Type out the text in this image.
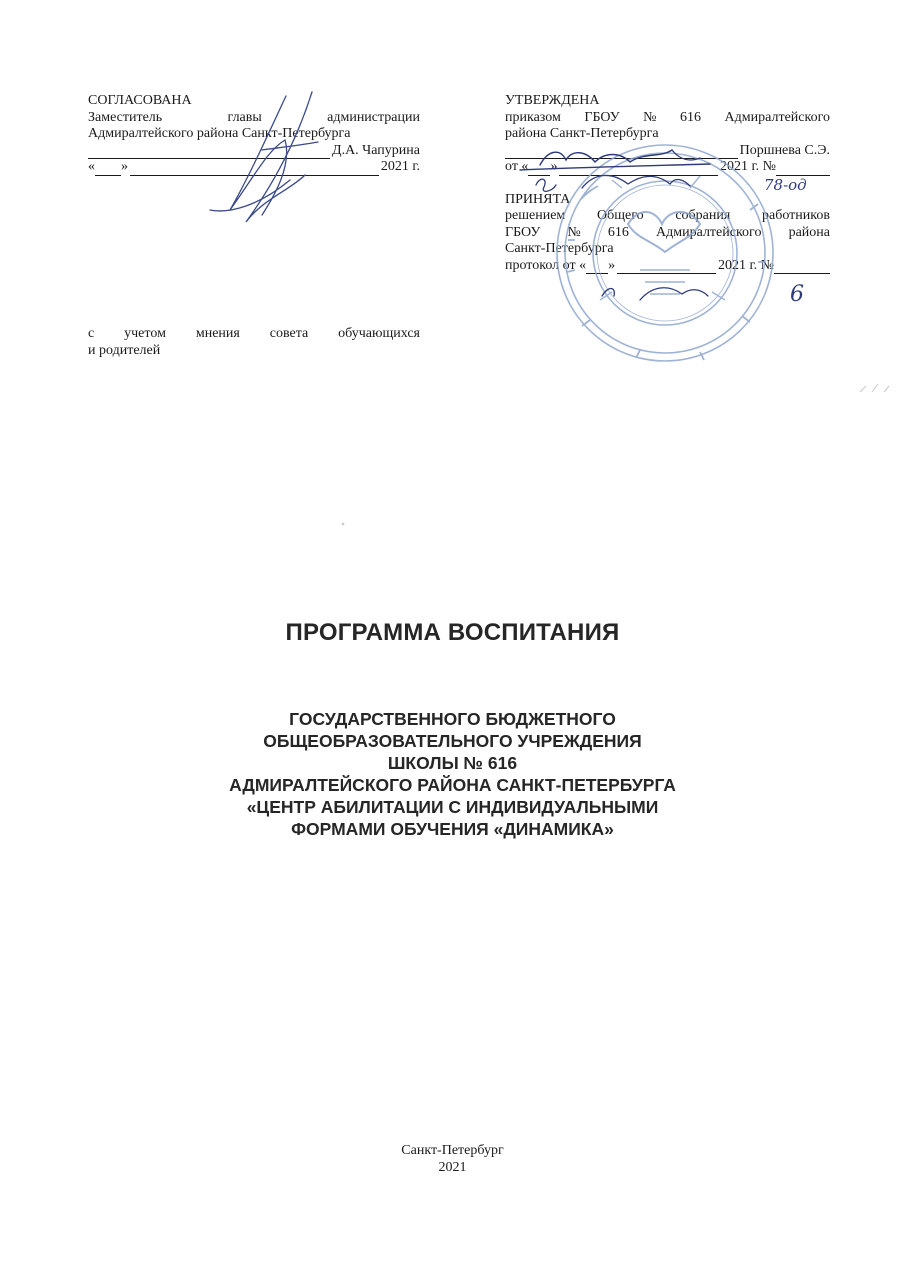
СОГЛАСОВАНА
Заместитель	главы	администрации
Адмиралтейского района Санкт-Петербурга
Д.А. Чапурина
« »	2021 г.
УТВЕРЖДЕНА
приказом ГБОУ № 616 Адмиралтейского
района Санкт-Петербурга
Поршнева С.Э.
от « »	2021 г. №
ПРИНЯТА
решением Общего собрания работников
ГБОУ № 616 Адмиралтейского района
Санкт-Петербурга
протокол от « »	2021 г. №
с учетом мнения совета обучающихся
и родителей
ПРОГРАММА ВОСПИТАНИЯ
ГОСУДАРСТВЕННОГО БЮДЖЕТНОГО
ОБЩЕОБРАЗОВАТЕЛЬНОГО УЧРЕЖДЕНИЯ
ШКОЛЫ № 616
АДМИРАЛТЕЙСКОГО РАЙОНА САНКТ-ПЕТЕРБУРГА
«ЦЕНТР АБИЛИТАЦИИ С ИНДИВИДУАЛЬНЫМИ
ФОРМАМИ ОБУЧЕНИЯ «ДИНАМИКА»
Санкт-Петербург
2021
78-од
6
